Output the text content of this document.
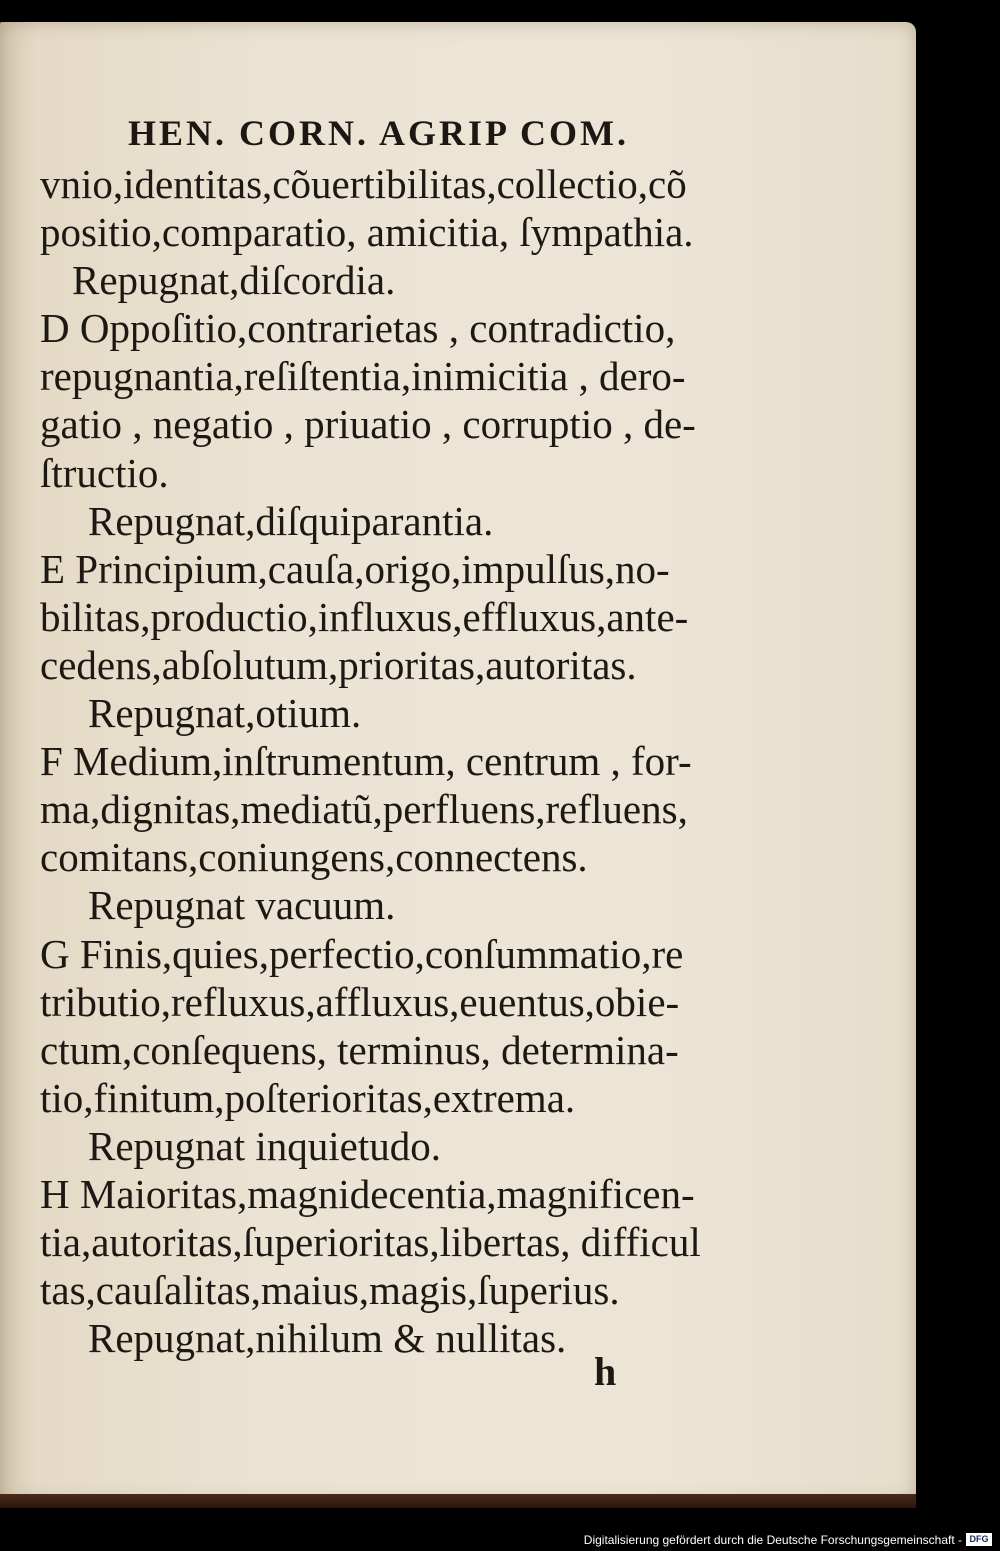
HEN. CORN. AGRIP COM.
vnio,identitas,cõuertibilitas,collectio,cõ
positio,comparatio, amicitia, ſympathia.
Repugnat,diſcordia.
D Oppoſitio,contrarietas , contradictio,
repugnantia,reſiſtentia,inimicitia , dero-
gatio , negatio , priuatio , corruptio , de-
ſtructio.
Repugnat,diſquiparantia.
E Principium,cauſa,origo,impulſus,no-
bilitas,productio,influxus,effluxus,ante-
cedens,abſolutum,prioritas,autoritas.
Repugnat,otium.
F Medium,inſtrumentum, centrum , for-
ma,dignitas,mediatũ,perfluens,refluens,
comitans,coniungens,connectens.
Repugnat vacuum.
G Finis,quies,perfectio,conſummatio,re
tributio,refluxus,affluxus,euentus,obie-
ctum,conſequens, terminus, determina-
tio,finitum,poſterioritas,extrema.
Repugnat inquietudo.
H Maioritas,magnidecentia,magnificen-
tia,autoritas,ſuperioritas,libertas, difficul
tas,cauſalitas,maius,magis,ſuperius.
Repugnat,nihilum & nullitas.
h
Digitalisierung gefördert durch die Deutsche Forschungsgemeinschaft - DFG
